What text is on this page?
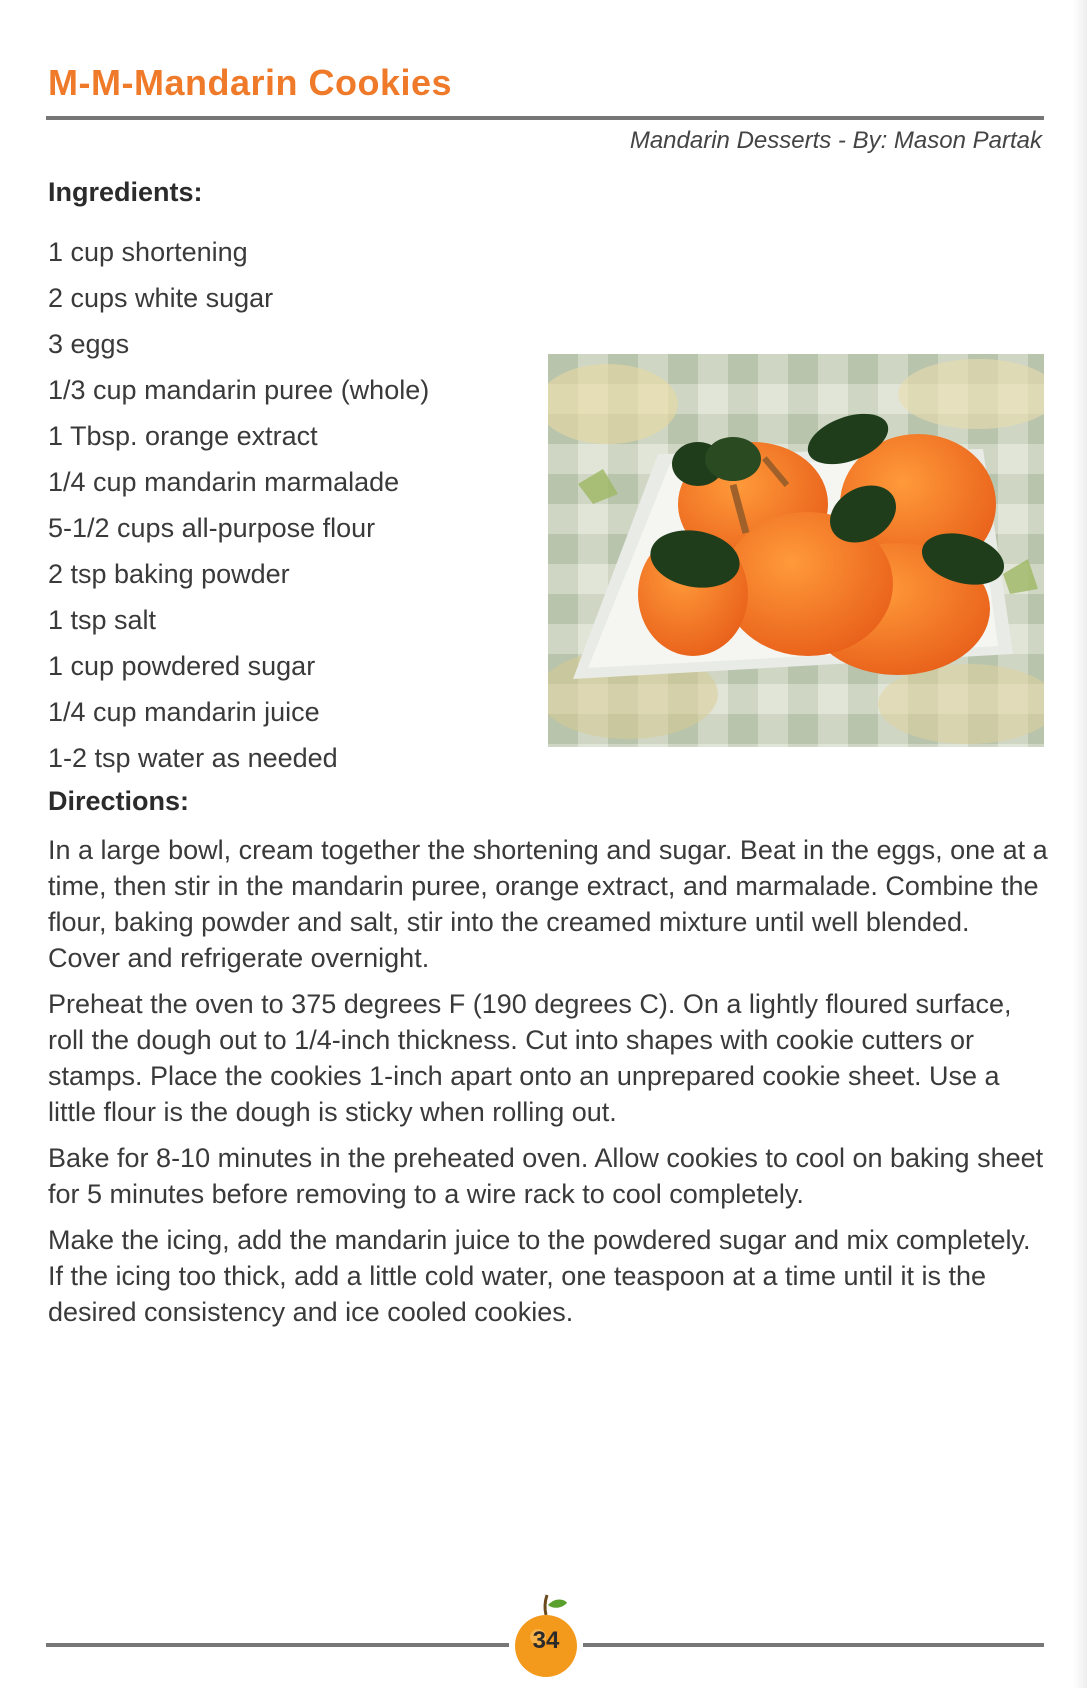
M-M-Mandarin Cookies
Mandarin Desserts - By: Mason Partak
Ingredients:
1 cup shortening
2 cups white sugar
3 eggs
1/3 cup mandarin puree (whole)
1 Tbsp. orange extract
1/4 cup mandarin marmalade
5-1/2 cups all-purpose flour
2 tsp baking powder
1 tsp salt
1 cup powdered sugar
1/4 cup mandarin juice
1-2 tsp water as needed
Directions:

In a large bowl, cream together the shortening and sugar. Beat in the eggs, one at a time, then stir in the mandarin puree, orange extract, and marmalade. Combine the flour, baking powder and salt, stir into the creamed mixture until well blended. Cover and refrigerate overnight.

Preheat the oven to 375 degrees F (190 degrees C). On a lightly floured surface, roll the dough out to 1/4-inch thickness. Cut into shapes with cookie cutters or stamps. Place the cookies 1-inch apart onto an unprepared cookie sheet. Use a little flour is the dough is sticky when rolling out.

Bake for 8-10 minutes in the preheated oven. Allow cookies to cool on baking sheet for 5 minutes before removing to a wire rack to cool completely.

Make the icing, add the mandarin juice to the powdered sugar and mix completely. If the icing too thick, add a little cold water, one teaspoon at a time until it is the desired consistency and ice cooled cookies.

34
